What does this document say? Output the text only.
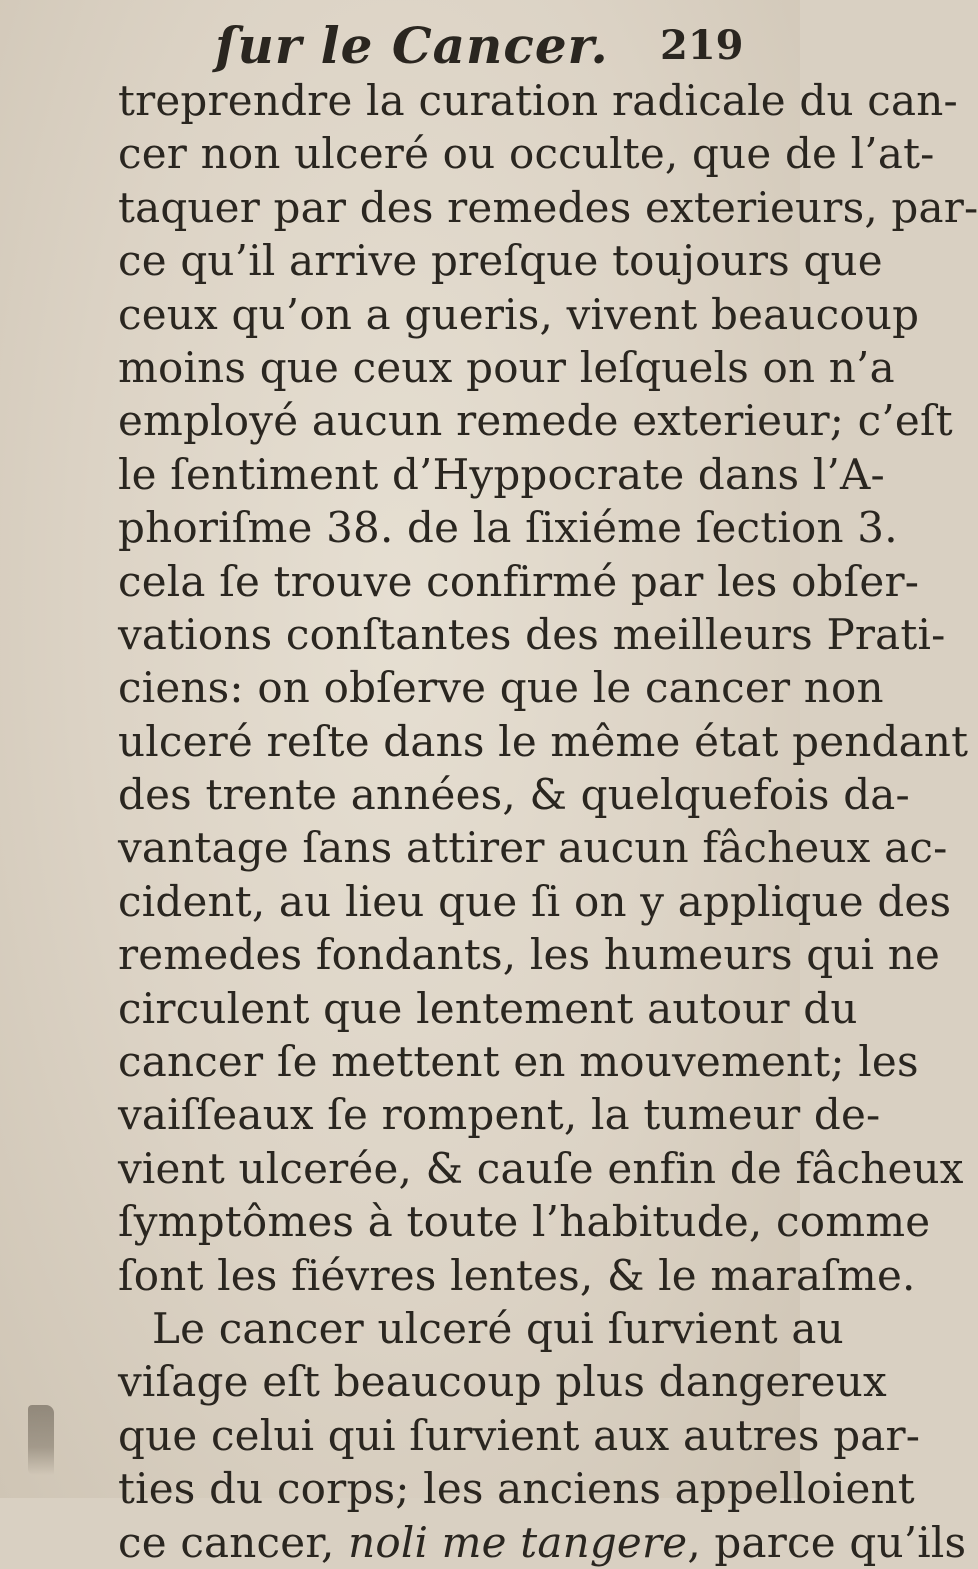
ſur le Cancer. 219
treprendre la curation radicale du can-
cer non ulceré ou occulte, que de l’at-
taquer par des remedes exterieurs, par-
ce qu’il arrive preſque toujours que
ceux qu’on a gueris, vivent beaucoup
moins que ceux pour leſquels on n’a
employé aucun remede exterieur; c’eſt
le ſentiment d’Hyppocrate dans l’A-
phoriſme 38. de la ſixiéme ſection 3.
cela ſe trouve confirmé par les obſer-
vations conſtantes des meilleurs Prati-
ciens: on obſerve que le cancer non
ulceré reſte dans le même état pendant
des trente années, & quelquefois da-
vantage ſans attirer aucun fâcheux ac-
cident, au lieu que ſi on y applique des
remedes fondants, les humeurs qui ne
circulent que lentement autour du
cancer ſe mettent en mouvement; les
vaiſſeaux ſe rompent, la tumeur de-
vient ulcerée, & cauſe enfin de fâcheux
ſymptômes à toute l’habitude, comme
ſont les fiévres lentes, & le maraſme.
Le cancer ulceré qui ſurvient au
viſage eſt beaucoup plus dangereux
que celui qui ſurvient aux autres par-
ties du corps; les anciens appelloient
ce cancer, noli me tangere, parce qu’ils
